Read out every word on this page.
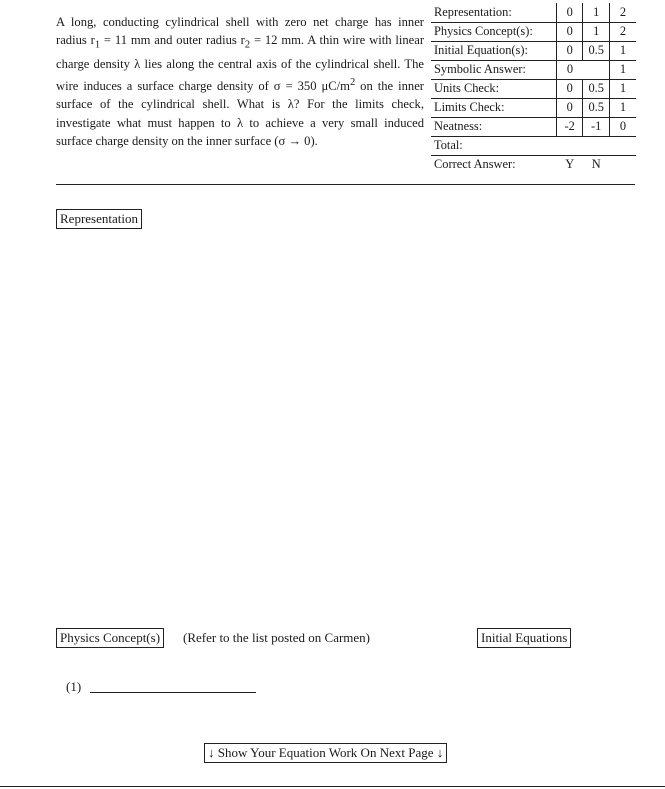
A long, conducting cylindrical shell with zero net charge has inner radius $r_1 = 11$ mm and outer radius $r_2 = 12$ mm. A thin wire with linear charge density λ lies along the central axis of the cylindrical shell. The wire induces a surface charge density of σ = 350 $\mu C/m^2$ on the inner surface of the cylindrical shell. What is λ? For the limits check, investigate what must happen to λ to achieve a very small induced surface charge density on the inner surface (σ → 0).
Representation:	0	1	2
Physics Concept(s):	0	1	2
Initial Equation(s):	0	0.5	1
Symbolic Answer:	0		1
Units Check:	0	0.5	1
Limits Check:	0	0.5	1
Neatness:	-2	-1	0
Total:			
Correct Answer:	Y	N	
Representation
Physics Concept(s)	(Refer to the list posted on Carmen)	Initial Equations
(1)
↓ Show Your Equation Work On Next Page ↓
